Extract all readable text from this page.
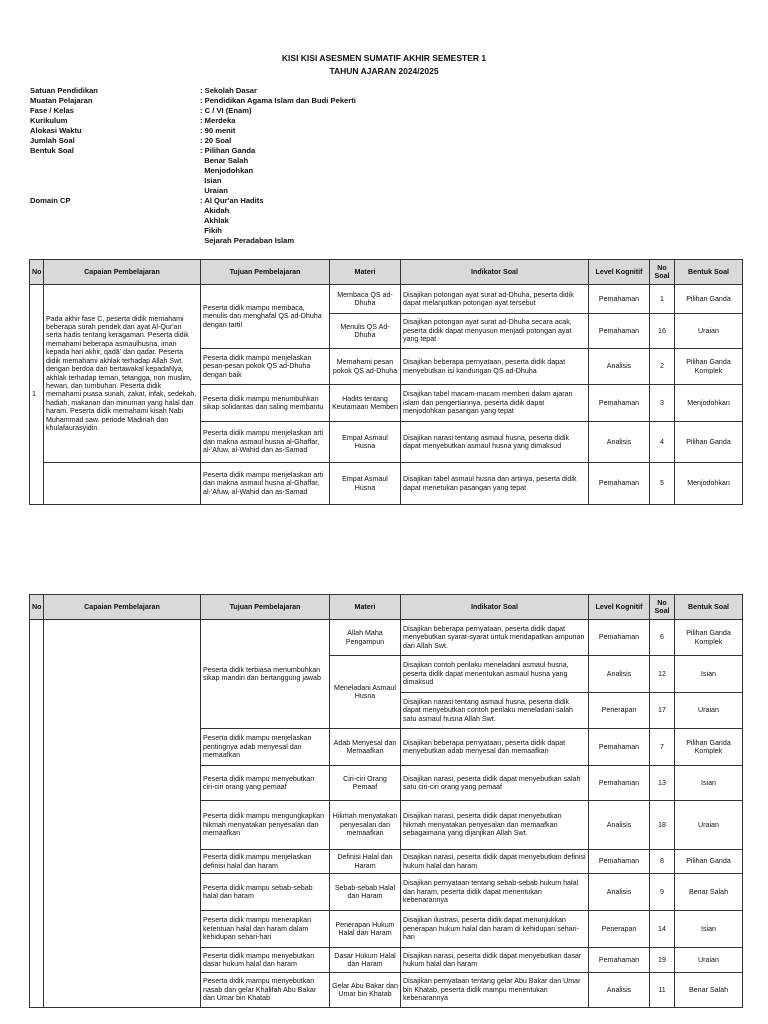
KISI KISI ASESMEN SUMATIF AKHIR SEMESTER 1
TAHUN AJARAN 2024/2025
Satuan Pendidikan	: Sekolah Dasar
Muatan Pelajaran	: Pendidikan Agama Islam dan Budi Pekerti
Fase / Kelas	: C / VI (Enam)
Kurikulum	: Merdeka
Alokasi Waktu	: 90 menit
Jumlah Soal	: 20 Soal
Bentuk Soal	: Pilihan Ganda
Benar Salah
Menjodohkan
Isian
Uraian
Domain CP	: Al Qur'an Hadits
Akidah
Akhlak
Fikih
Sejarah Peradaban Islam
No	Capaian Pembelajaran	Tujuan Pembelajaran	Materi	Indikator Soal	Level Kognitif	No Soal	Bentuk Soal
1	Pada akhir fase C, peserta didik memahami beberapa surah pendek dan ayat Al-Qur'an serta hadis tentang keragaman. Peserta didik memahami beberapa asmaulhusna, iman kepada hari akhir, qadā' dan qadar. Peserta didik memahami akhlak terhadap Allah Swt. dengan berdoa dan bertawakal kepadaNya, akhlak terhadap teman, tetangga, non muslim, hewan, dan tumbuhan. Peserta didik memahami puasa sunah, zakat, infak, sedekah, hadiah, makanan dan minuman yang halal dan haram. Peserta didik memahami kisah Nabi Muhammad saw. periode Madinah dan khulafaurasyidin.	Peserta didik mampu membaca, menulis dan menghafal QS ad-Dhuha dengan tartil	Membaca QS ad-Dhuha	Disajikan potongan ayat surat ad-Dhuha, peserta didik dapat melanjutkan potongan ayat tersebut	Pemahaman	1	Pilihan Ganda
			Menulis QS Ad-Dhuha	Disajikan potongan ayat surat ad-Dhuha secara acak, peserta didik dapat menyusun menjadi potongan ayat yang tepat	Pemahaman	16	Uraian
		Peserta didik mampu menjelaskan pesan-pesan pokok QS ad-Dhuha dengan baik	Memahami pesan pokok QS ad-Dhuha	Disajikan beberapa pernyataan, peserta didik dapat menyebutkan isi kandungan QS ad-Dhuha	Analisis	2	Pilihan Ganda Komplek
		Peserta didik mampu menumbuhkan sikap solidantas dan saling membantu	Hadits tentang Keutamaan Memberi	Disajikan tabel macam-macam memberi dalam ajaran islam dan pengertiannya, peserta didik dapat menjodohkan pasangan yang tepat	Pemahaman	3	Menjodohkan
		Peserta didik mampu menjelaskan arti dan makna asmaul husna al-Ghaffar, al-'Afuw, al-Wahid dan as-Samad	Empat Asmaul Husna	Disajikan narasi tentang asmaul husna, peserta didik dapat menyebutkan asmaul husna yang dimaksud	Analisis	4	Pilihan Ganda
		Peserta didik mampu menjelaskan arti dan makna asmaul husna al-Ghaffar, al-'Afuw, al-Wahid dan as-Samad	Empat Asmaul Husna	Disajikan tabel asmaul husna dan artinya, peserta didik dapat menetukan pasangan yang tepat	Pemahaman	5	Menjodohkan
No	Capaian Pembelajaran	Tujuan Pembelajaran	Materi	Indikator Soal	Level Kognitif	No Soal	Bentuk Soal
		Peserta didik terbiasa menumbuhkan sikap mandiri dan bertanggung jawab	Allah Maha Pengampun	Disajikan beberapa pernyataan, peserta didik dapat menyebutkan syarat-syarat untuk mendapatkan ampunan dari Allah Swt.	Pemahaman	6	Pilihan Ganda Komplek
			Meneladani Asmaul Husna	Disajikan contoh perilaku meneladani asmaul husna, peserta didik dapat menentukan asmaul husna yang dimaksud	Analisis	12	Isian
				Disajikan narasi tentang asmaul husna, peserta didik dapat menyebutkan contoh perilaku meneladani salah satu asmaul husna Allah Swt.	Penerapan	17	Uraian
		Peserta didik mampu menjelaskan pentingnya adab menyesal dan memaafkan	Adab Menyesal dan Memaafkan	Disajikan beberapa pernyataan, peserta didik dapat menyebutkan adab menyesal dan memaafkan	Pemahaman	7	Pilihan Ganda Komplek
		Peserta didik mampu menyebutkan ciri-ciri orang yang pemaaf	Ciri-ciri Orang Pemaaf	Disajikan narasi, peserta didik dapat menyebutkan salah satu ciri-ciri orang yang pemaaf	Pemahaman	13	Isian
		Peserta didik mampu mengungkapkan hikmah menyatakan penyesalan dan memaafkan	Hikmah menyatakan penyesalan dan memaafkan	Disajikan narasi, peserta didik dapat menyebutkan hikmah menyatakan penyesalan dan memaafkan sebagaimana yang dijanjikan Allah Swt.	Analisis	18	Uraian
		Peserta didik mampu menjelaskan definisi halal dan haram	Definisi Halal dan Haram	Disajikan narasi, peserta didik dapat menyebutkan definisi hukum halal dan haram	Pemahaman	8	Pilihan Ganda
		Peserta didik mampu sebab-sebab halal dan haram	Sebab-sebab Halal dan Haram	Disajikan pernyataan tentang sebab-sebab hukum halal dan haram, peserta didik dapat menentukan kebenarannya	Analisis	9	Benar Salah
		Peserta didik mampu menerapkan ketentuan halal dan haram dalam kehidupan sehari-hari	Penerapan Hukum Halal dan Haram	Disajikan ilustrasi, peserta didik dapat menunjukkan penerapan hukum halal dan haram di kehidupan sehari-hari	Penerapan	14	Isian
		Peserta didik mampu menyebutkan dasar hukum halal dan haram	Dasar Hukum Halal dan Haram	Disajikan narasi, peserta didik dapat menyebutkan dasar hukum halal dan haram	Pemahaman	19	Uraian
		Peserta didik mampu menyebutkan nasab dan gelar Khalifah Abu Bakar dan Umar bin Khatab	Gelar Abu Bakar dan Umar bin Khatab	Disajikan pernyataan tentang gelar Abu Bakar dan Umar bin Khatab, peserta didik mampu menentukan kebenarannya	Analisis	11	Benar Salah
